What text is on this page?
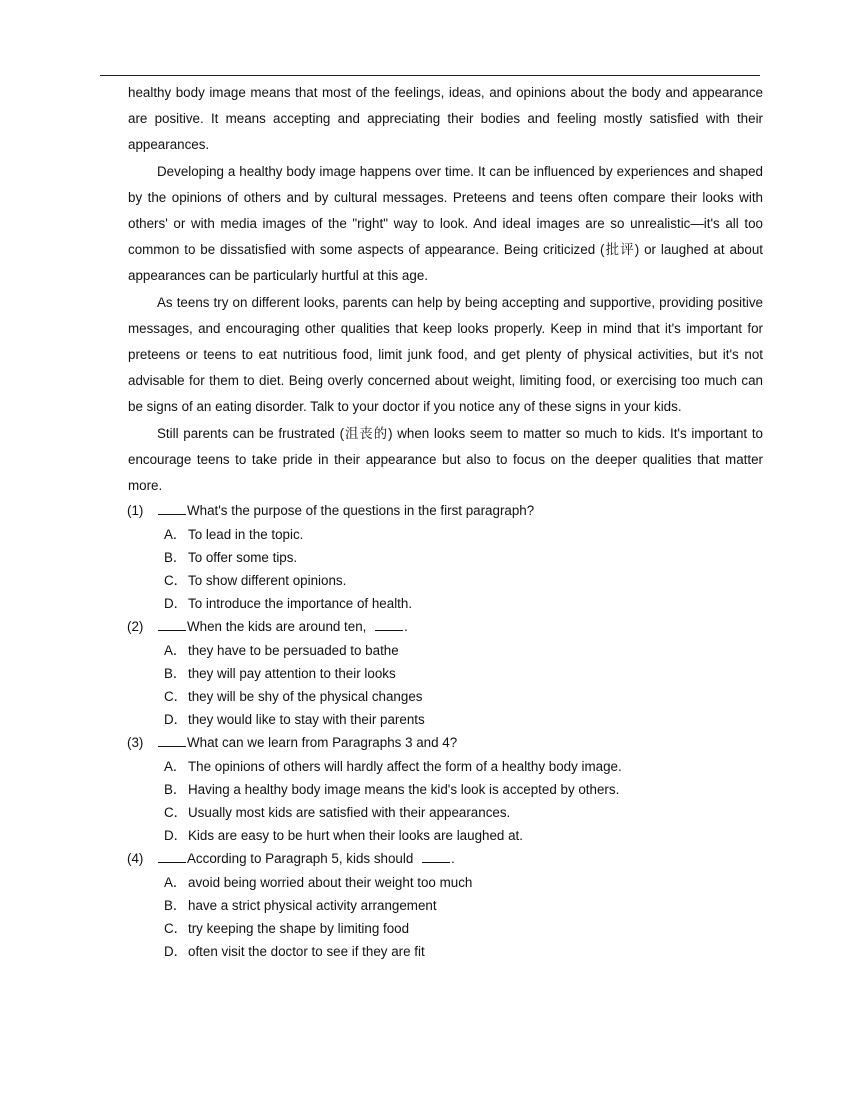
healthy body image means that most of the feelings, ideas, and opinions about the body and appearance are positive. It means accepting and appreciating their bodies and feeling mostly satisfied with their appearances.

Developing a healthy body image happens over time. It can be influenced by experiences and shaped by the opinions of others and by cultural messages. Preteens and teens often compare their looks with others' or with media images of the "right" way to look. And ideal images are so unrealistic—it's all too common to be dissatisfied with some aspects of appearance. Being criticized (批评) or laughed at about appearances can be particularly hurtful at this age.

As teens try on different looks, parents can help by being accepting and supportive, providing positive messages, and encouraging other qualities that keep looks properly. Keep in mind that it's important for preteens or teens to eat nutritious food, limit junk food, and get plenty of physical activities, but it's not advisable for them to diet. Being overly concerned about weight, limiting food, or exercising too much can be signs of an eating disorder. Talk to your doctor if you notice any of these signs in your kids.

Still parents can be frustrated (沮丧的) when looks seem to matter so much to kids. It's important to encourage teens to take pride in their appearance but also to focus on the deeper qualities that matter more.

(1)	What's the purpose of the questions in the first paragraph?
A． To lead in the topic.
B． To offer some tips.
C．To show different opinions.
D．To introduce the importance of health.
(2)	When the kids are around ten,	.
A． they have to be persuaded to bathe
B． they will pay attention to their looks
C．they will be shy of the physical changes
D．they would like to stay with their parents
(3)	What can we learn from Paragraphs 3 and 4?
A． The opinions of others will hardly affect the form of a healthy body image.
B． Having a healthy body image means the kid's look is accepted by others.
C．Usually most kids are satisfied with their appearances.
D．Kids are easy to be hurt when their looks are laughed at.
(4)	According to Paragraph 5, kids should	.
A． avoid being worried about their weight too much
B． have a strict physical activity arrangement
C．try keeping the shape by limiting food
D．often visit the doctor to see if they are fit
